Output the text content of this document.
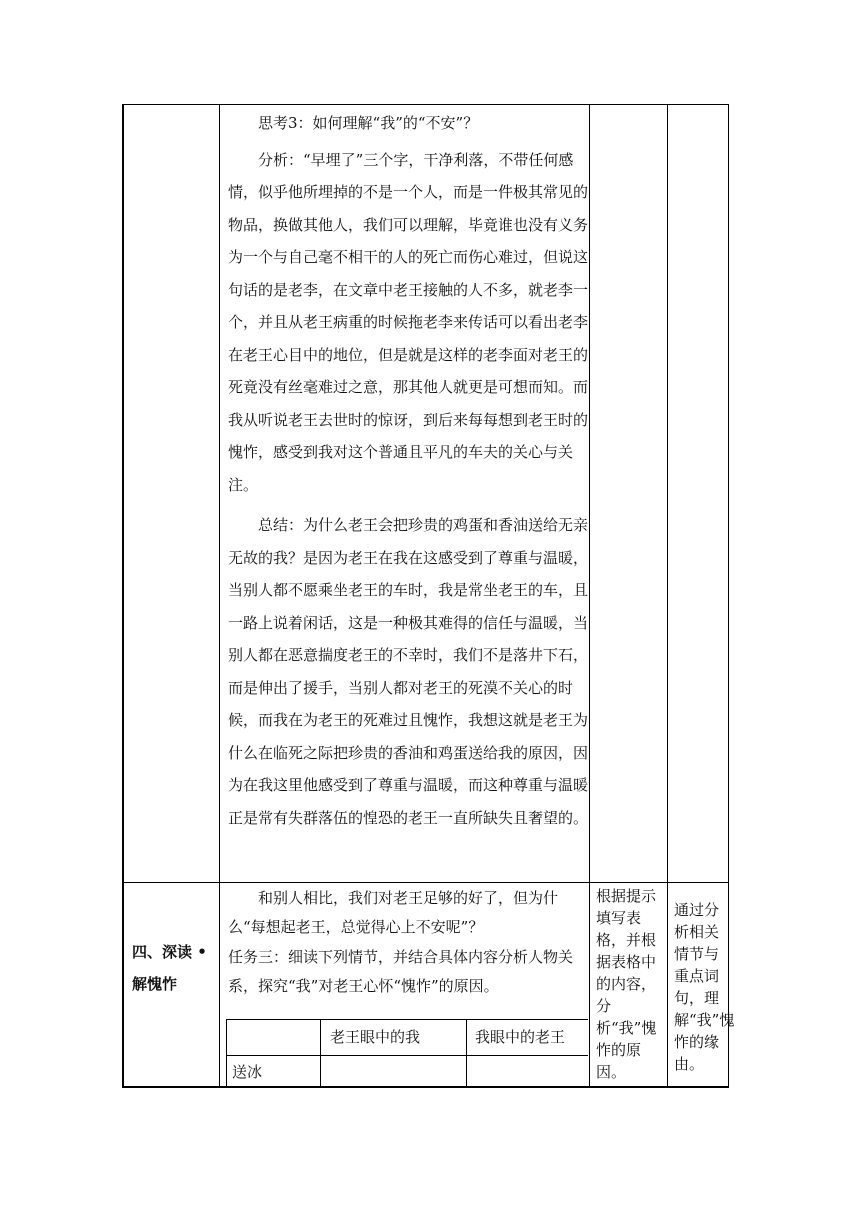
思考3：如何理解“我”的“不安”？

分析：“早埋了”三个字，干净利落，不带任何感情，似乎他所埋掉的不是一个人，而是一件极其常见的物品，换做其他人，我们可以理解，毕竟谁也没有义务为一个与自己毫不相干的人的死亡而伤心难过，但说这句话的是老李，在文章中老王接触的人不多，就老李一个，并且从老王病重的时候拖老李来传话可以看出老李在老王心目中的地位，但是就是这样的老李面对老王的死竟没有丝毫难过之意，那其他人就更是可想而知。而我从听说老王去世时的惊讶，到后来每每想到老王时的愧怍，感受到我对这个普通且平凡的车夫的关心与关注。

总结：为什么老王会把珍贵的鸡蛋和香油送给无亲无故的我？是因为老王在我在这感受到了尊重与温暖，当别人都不愿乘坐老王的车时，我是常坐老王的车，且一路上说着闲话，这是一种极其难得的信任与温暖，当别人都在恶意揣度老王的不幸时，我们不是落井下石，而是伸出了援手，当别人都对老王的死漠不关心的时候，而我在为老王的死难过且愧怍，我想这就是老王为什么在临死之际把珍贵的香油和鸡蛋送给我的原因，因为在我这里他感受到了尊重与温暖，而这种尊重与温暖正是常有失群落伍的惶恐的老王一直所缺失且奢望的。

四、深读 •解愧怍

和别人相比，我们对老王足够的好了，但为什么“每想起老王，总觉得心上不安呢”？

任务三：细读下列情节，并结合具体内容分析人物关系，探究“我”对老王心怀“愧怍”的原因。

老王眼中的我	我眼中的老王
送冰
根据提示填写表格，并根据表格中的内容，分析“我”愧怍的原因。
通过分析相关情节与重点词句，理解“我”愧怍的缘由。
